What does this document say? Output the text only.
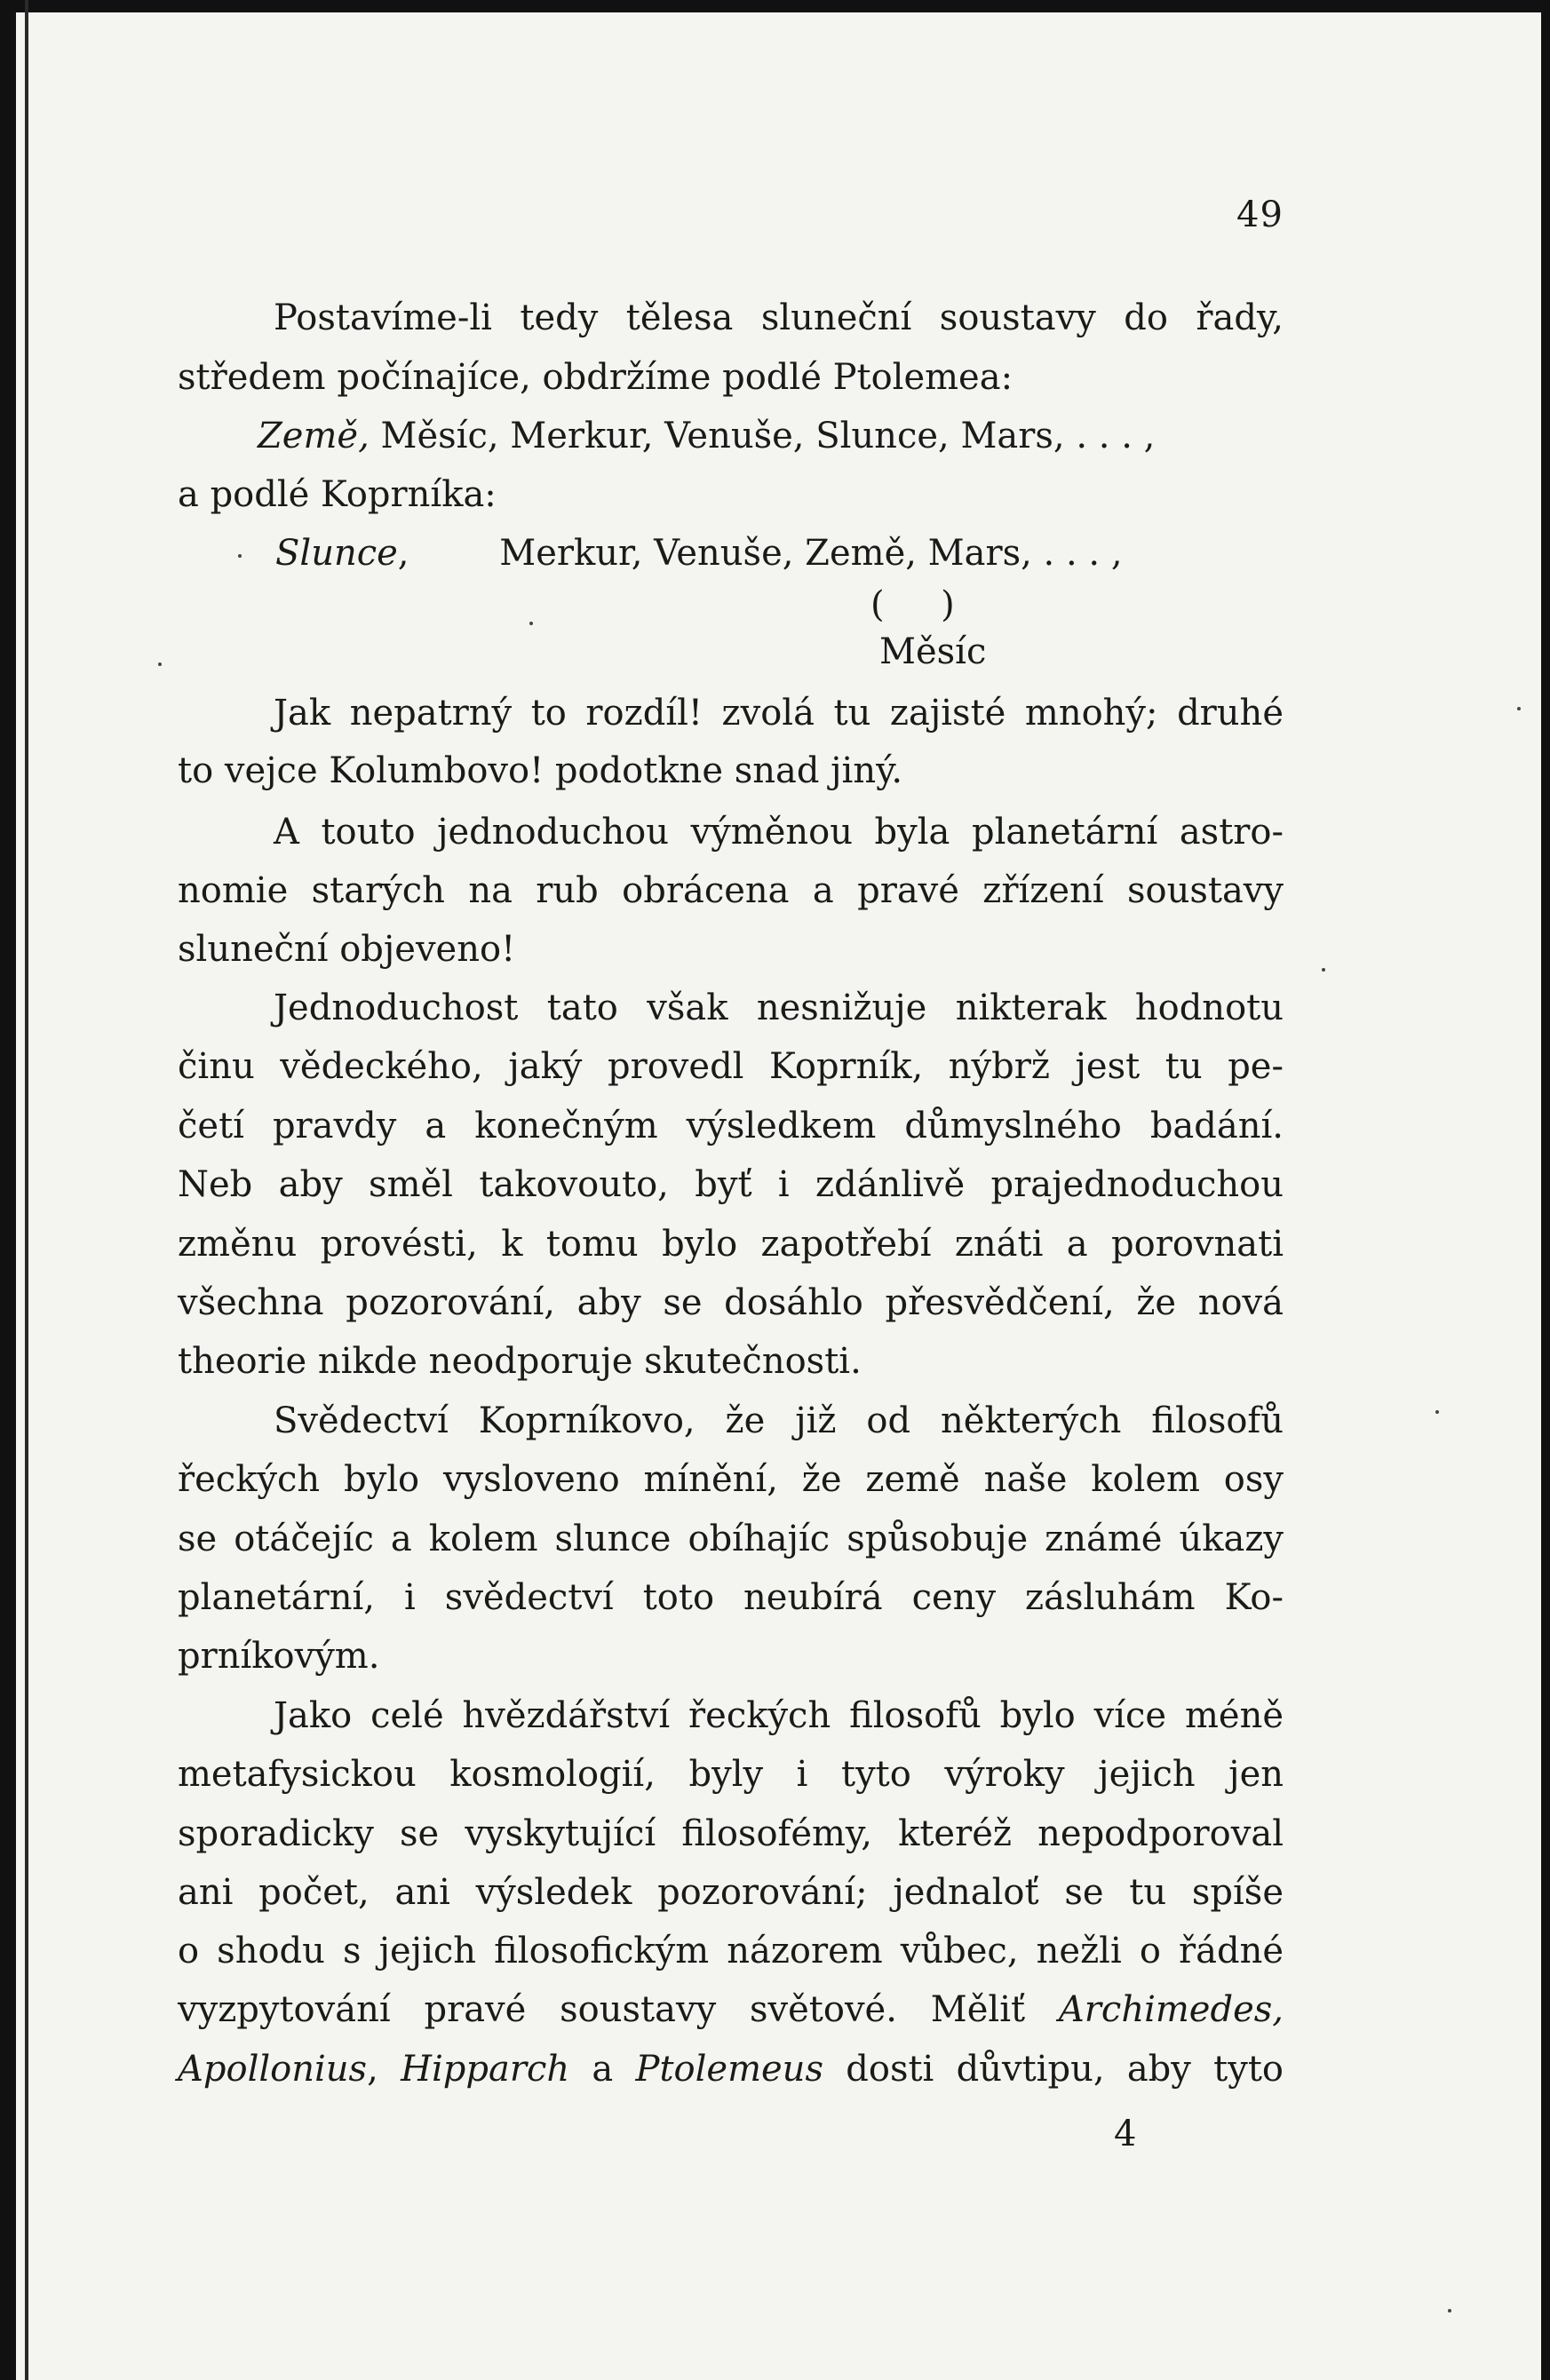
49
Postavíme-li tedy tělesa sluneční soustavy do řady,
středem počínajíce, obdržíme podlé Ptolemea:
Země, Měsíc, Merkur, Venuše, Slunce, Mars, . . . ,
a podlé Koprníka:
Slunce,        Merkur, Venuše, Země, Mars, . . . ,
(     )
Měsíc
Jak nepatrný to rozdíl! zvolá tu zajisté mnohý; druhé
to vejce Kolumbovo! podotkne snad jiný.
A touto jednoduchou výměnou byla planetární astro-
nomie starých na rub obrácena a pravé zřízení soustavy
sluneční objeveno!
Jednoduchost tato však nesnižuje nikterak hodnotu
činu vědeckého, jaký provedl Koprník, nýbrž jest tu pe-
četí pravdy a konečným výsledkem důmyslného badání.
Neb aby směl takovouto, byť i zdánlivě prajednoduchou
změnu provésti, k tomu bylo zapotřebí znáti a porovnati
všechna pozorování, aby se dosáhlo přesvědčení, že nová
theorie nikde neodporuje skutečnosti.
Svědectví Koprníkovo, že již od některých filosofů
řeckých bylo vysloveno mínění, že země naše kolem osy
se otáčejíc a kolem slunce obíhajíc spůsobuje známé úkazy
planetární, i svědectví toto neubírá ceny zásluhám Ko-
prníkovým.
Jako celé hvězdářství řeckých filosofů bylo více méně
metafysickou kosmologií, byly i tyto výroky jejich jen
sporadicky se vyskytující filosofémy, kteréž nepodporoval
ani počet, ani výsledek pozorování; jednaloť se tu spíše
o shodu s jejich filosofickým názorem vůbec, nežli o řádné
vyzpytování pravé soustavy světové. Měliť Archimedes,
Apollonius, Hipparch a Ptolemeus dosti důvtipu, aby tyto
4
